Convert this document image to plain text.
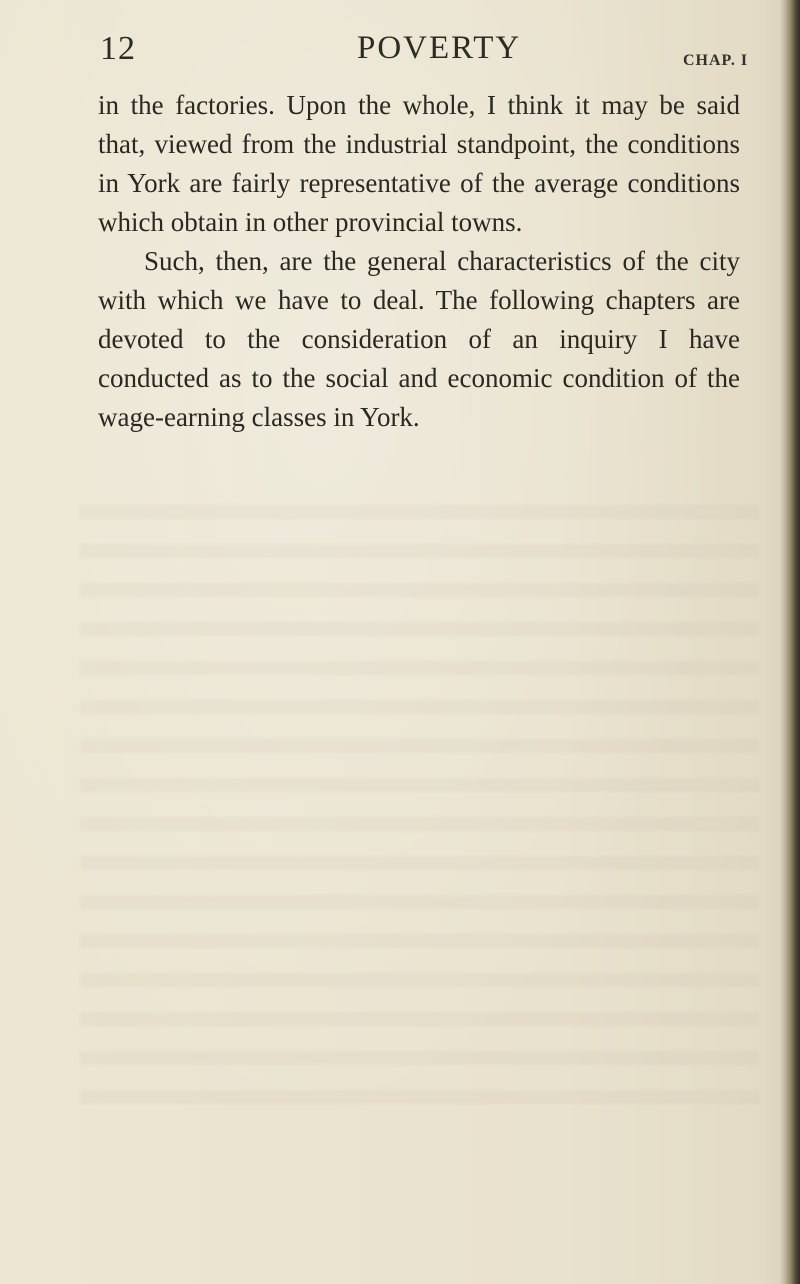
12	POVERTY	CHAP. I

in the factories. Upon the whole, I think it may be said that, viewed from the industrial standpoint, the conditions in York are fairly representative of the average conditions which obtain in other provincial towns.

Such, then, are the general characteristics of the city with which we have to deal. The following chapters are devoted to the consideration of an inquiry I have conducted as to the social and economic condition of the wage-earning classes in York.
